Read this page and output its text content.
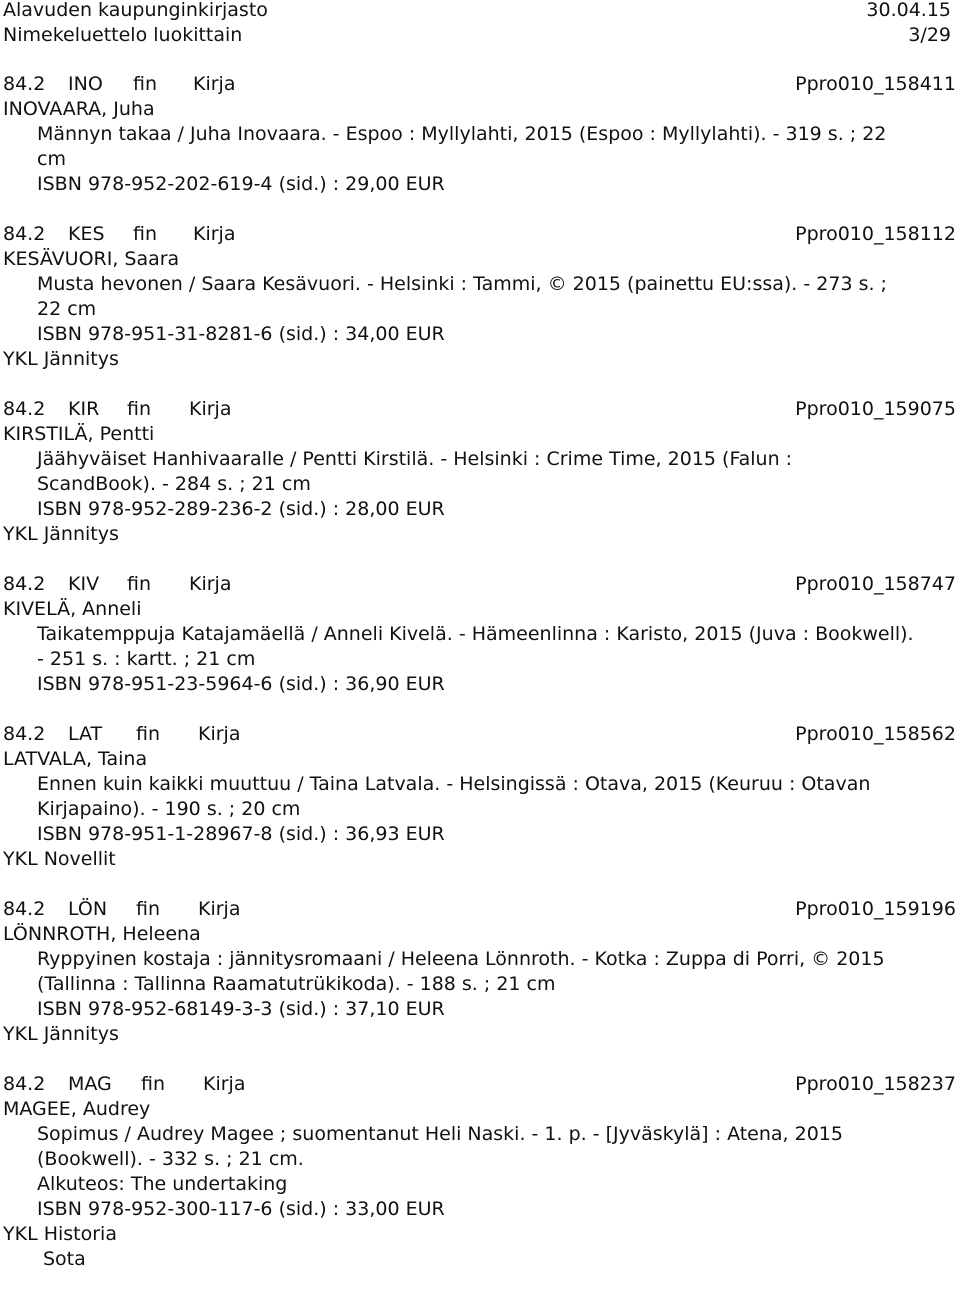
Alavuden kaupunginkirjasto	30.04.15
Nimekeluettelo luokittain	3/29
84.2 INO fin Kirja	Ppro010_158411
INOVAARA, Juha
Männyn takaa / Juha Inovaara. - Espoo : Myllylahti, 2015 (Espoo : Myllylahti). - 319 s. ; 22
cm
ISBN 978-952-202-619-4 (sid.) : 29,00 EUR
84.2 KES fin Kirja	Ppro010_158112
KESÄVUORI, Saara
Musta hevonen / Saara Kesävuori. - Helsinki : Tammi, © 2015 (painettu EU:ssa). - 273 s. ;
22 cm
ISBN 978-951-31-8281-6 (sid.) : 34,00 EUR
YKL Jännitys
84.2 KIR fin Kirja	Ppro010_159075
KIRSTILÄ, Pentti
Jäähyväiset Hanhivaaralle / Pentti Kirstilä. - Helsinki : Crime Time, 2015 (Falun :
ScandBook). - 284 s. ; 21 cm
ISBN 978-952-289-236-2 (sid.) : 28,00 EUR
YKL Jännitys
84.2 KIV fin Kirja	Ppro010_158747
KIVELÄ, Anneli
Taikatemppuja Katajamäellä / Anneli Kivelä. - Hämeenlinna : Karisto, 2015 (Juva : Bookwell).
- 251 s. : kartt. ; 21 cm
ISBN 978-951-23-5964-6 (sid.) : 36,90 EUR
84.2 LAT fin Kirja	Ppro010_158562
LATVALA, Taina
Ennen kuin kaikki muuttuu / Taina Latvala. - Helsingissä : Otava, 2015 (Keuruu : Otavan
Kirjapaino). - 190 s. ; 20 cm
ISBN 978-951-1-28967-8 (sid.) : 36,93 EUR
YKL Novellit
84.2 LÖN fin Kirja	Ppro010_159196
LÖNNROTH, Heleena
Ryppyinen kostaja : jännitysromaani / Heleena Lönnroth. - Kotka : Zuppa di Porri, © 2015
(Tallinna : Tallinna Raamatutrükikoda). - 188 s. ; 21 cm
ISBN 978-952-68149-3-3 (sid.) : 37,10 EUR
YKL Jännitys
84.2 MAG fin Kirja	Ppro010_158237
MAGEE, Audrey
Sopimus / Audrey Magee ; suomentanut Heli Naski. - 1. p. - [Jyväskylä] : Atena, 2015
(Bookwell). - 332 s. ; 21 cm.
Alkuteos: The undertaking
ISBN 978-952-300-117-6 (sid.) : 33,00 EUR
YKL Historia
Sota
